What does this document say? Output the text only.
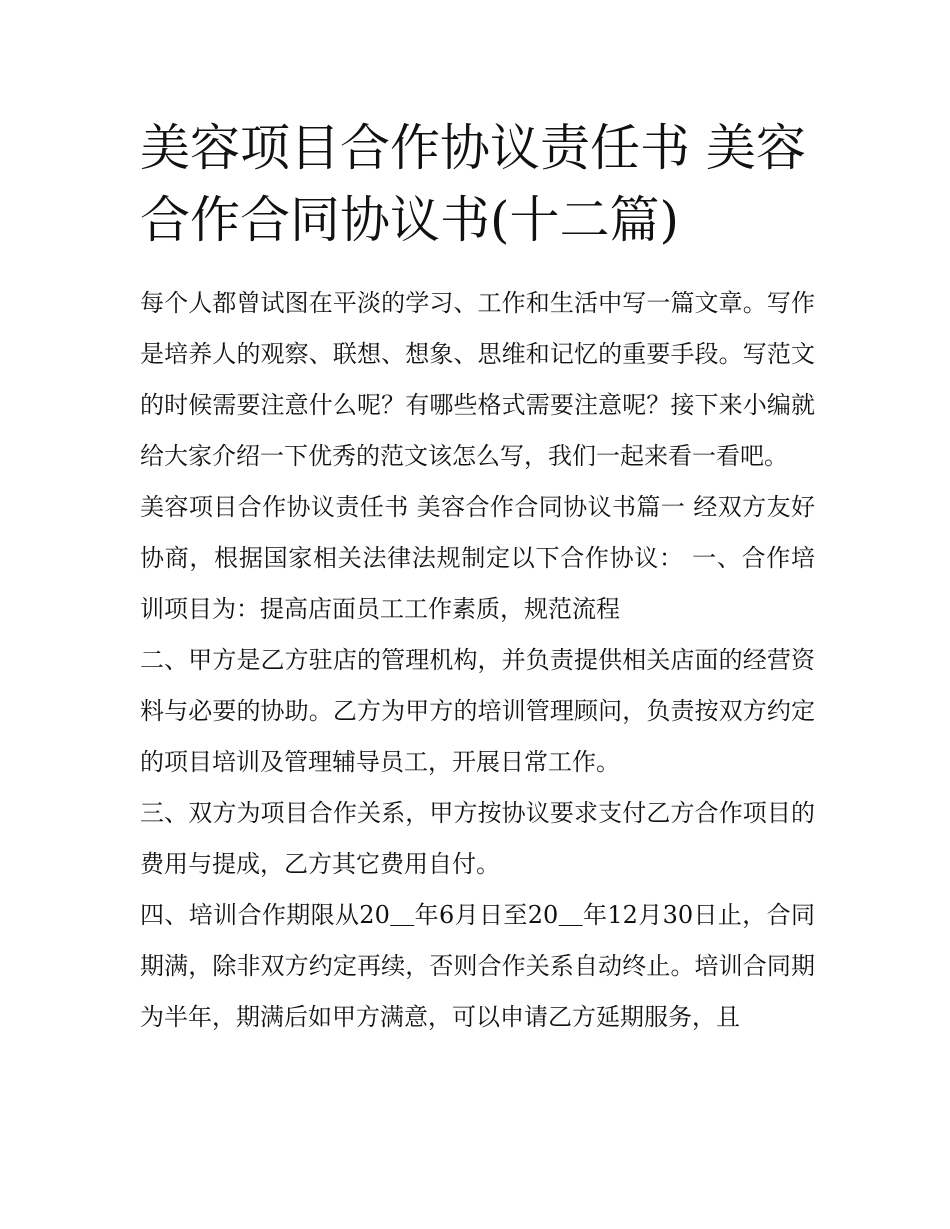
美容项目合作协议责任书 美容合作合同协议书(十二篇)

每个人都曾试图在平淡的学习、工作和生活中写一篇文章。写作是培养人的观察、联想、想象、思维和记忆的重要手段。写范文的时候需要注意什么呢？有哪些格式需要注意呢？接下来小编就给大家介绍一下优秀的范文该怎么写，我们一起来看一看吧。

美容项目合作协议责任书 美容合作合同协议书篇一 经双方友好协商，根据国家相关法律法规制定以下合作协议： 一、合作培训项目为：提高店面员工工作素质，规范流程

二、甲方是乙方驻店的管理机构，并负责提供相关店面的经营资料与必要的协助。乙方为甲方的培训管理顾问，负责按双方约定的项目培训及管理辅导员工，开展日常工作。

三、双方为项目合作关系，甲方按协议要求支付乙方合作项目的费用与提成，乙方其它费用自付。

四、培训合作期限从20＿年6月日至20＿年12月30日止，合同期满，除非双方约定再续，否则合作关系自动终止。培训合同期为半年，期满后如甲方满意，可以申请乙方延期服务，且
